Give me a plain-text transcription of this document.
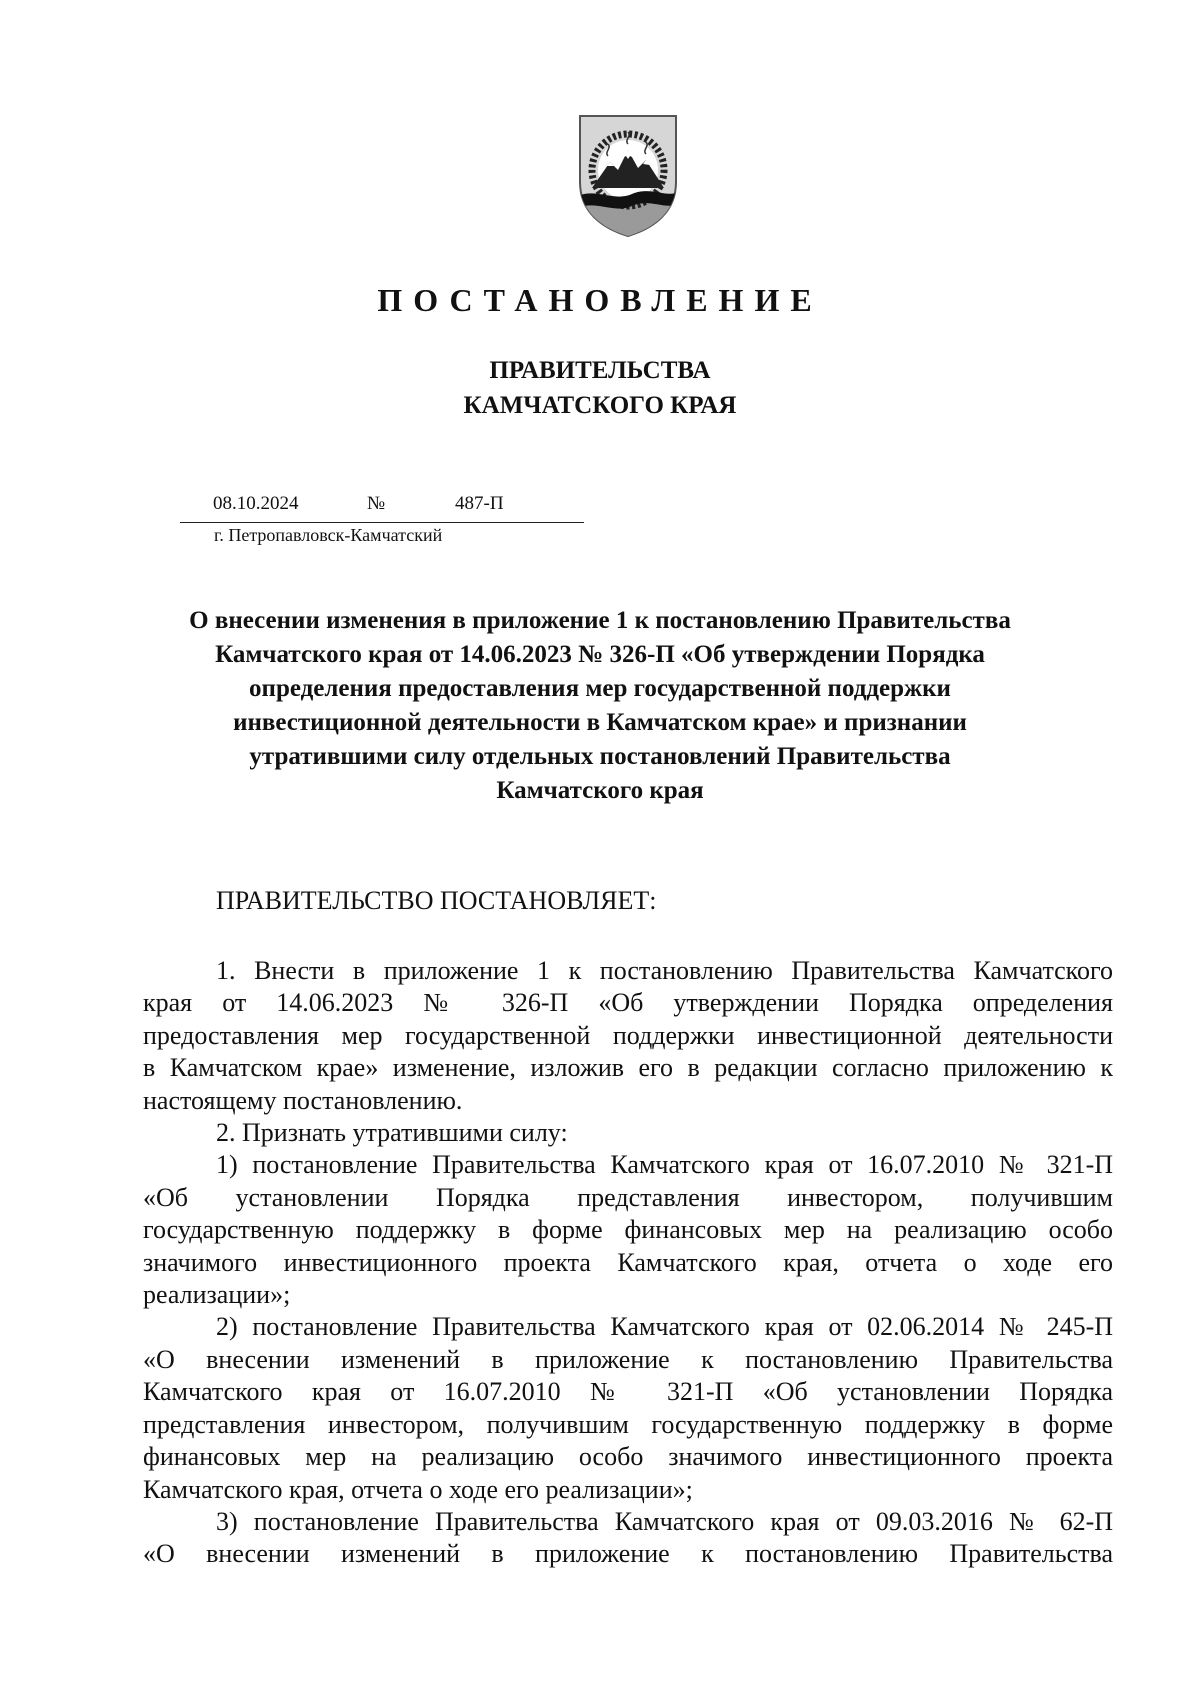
ПОСТАНОВЛЕНИЕ
ПРАВИТЕЛЬСТВА
КАМЧАТСКОГО КРАЯ
08.10.2024	№	487-П
г. Петропавловск-Камчатский
О внесении изменения в приложение 1 к постановлению Правительства
Камчатского края от 14.06.2023 № 326-П «Об утверждении Порядка
определения предоставления мер государственной поддержки
инвестиционной деятельности в Камчатском крае» и признании
утратившими силу отдельных постановлений Правительства
Камчатского края
ПРАВИТЕЛЬСТВО ПОСТАНОВЛЯЕТ:
1. Внести в приложение 1 к постановлению Правительства Камчатского
края от 14.06.2023 № 326-П «Об утверждении Порядка определения
предоставления мер государственной поддержки инвестиционной деятельности
в Камчатском крае» изменение, изложив его в редакции согласно приложению к
настоящему постановлению.
2. Признать утратившими силу:
1) постановление Правительства Камчатского края от 16.07.2010 № 321-П
«Об установлении Порядка представления инвестором, получившим
государственную поддержку в форме финансовых мер на реализацию особо
значимого инвестиционного проекта Камчатского края, отчета о ходе его
реализации»;
2) постановление Правительства Камчатского края от 02.06.2014 № 245-П
«О внесении изменений в приложение к постановлению Правительства
Камчатского края от 16.07.2010 № 321-П «Об установлении Порядка
представления инвестором, получившим государственную поддержку в форме
финансовых мер на реализацию особо значимого инвестиционного проекта
Камчатского края, отчета о ходе его реализации»;
3) постановление Правительства Камчатского края от 09.03.2016 № 62-П
«О внесении изменений в приложение к постановлению Правительства
